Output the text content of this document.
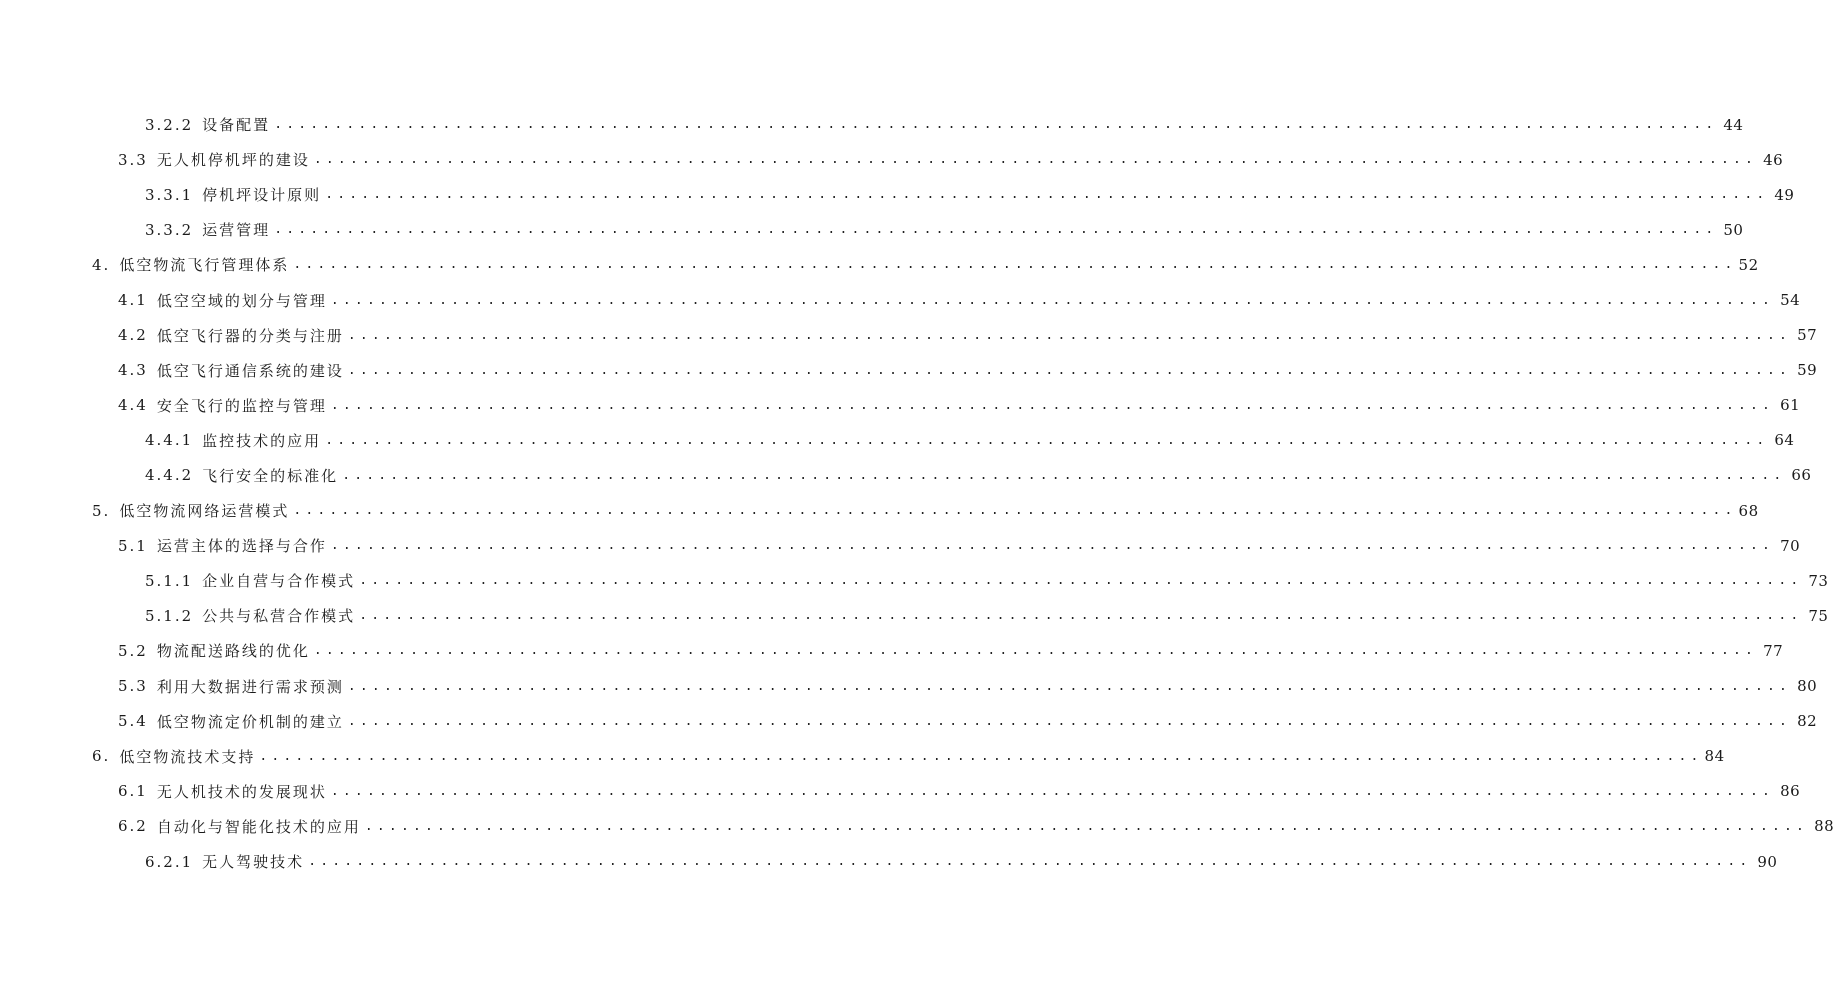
3.2.2 设备配置 ........................................................................................................................ 44
3.3 无人机停机坪的建设 ........................................................................................................................ 46
3.3.1 停机坪设计原则 ........................................................................................................................ 49
3.3.2 运营管理 ........................................................................................................................ 50
4. 低空物流飞行管理体系 ........................................................................................................................ 52
4.1 低空空域的划分与管理 ........................................................................................................................ 54
4.2 低空飞行器的分类与注册 ........................................................................................................................ 57
4.3 低空飞行通信系统的建设 ........................................................................................................................ 59
4.4 安全飞行的监控与管理 ........................................................................................................................ 61
4.4.1 监控技术的应用 ........................................................................................................................ 64
4.4.2 飞行安全的标准化 ........................................................................................................................ 66
5. 低空物流网络运营模式 ........................................................................................................................ 68
5.1 运营主体的选择与合作 ........................................................................................................................ 70
5.1.1 企业自营与合作模式 ........................................................................................................................ 73
5.1.2 公共与私营合作模式 ........................................................................................................................ 75
5.2 物流配送路线的优化 ........................................................................................................................ 77
5.3 利用大数据进行需求预测 ........................................................................................................................ 80
5.4 低空物流定价机制的建立 ........................................................................................................................ 82
6. 低空物流技术支持 ........................................................................................................................ 84
6.1 无人机技术的发展现状 ........................................................................................................................ 86
6.2 自动化与智能化技术的应用 ........................................................................................................................ 88
6.2.1 无人驾驶技术 ........................................................................................................................ 90
